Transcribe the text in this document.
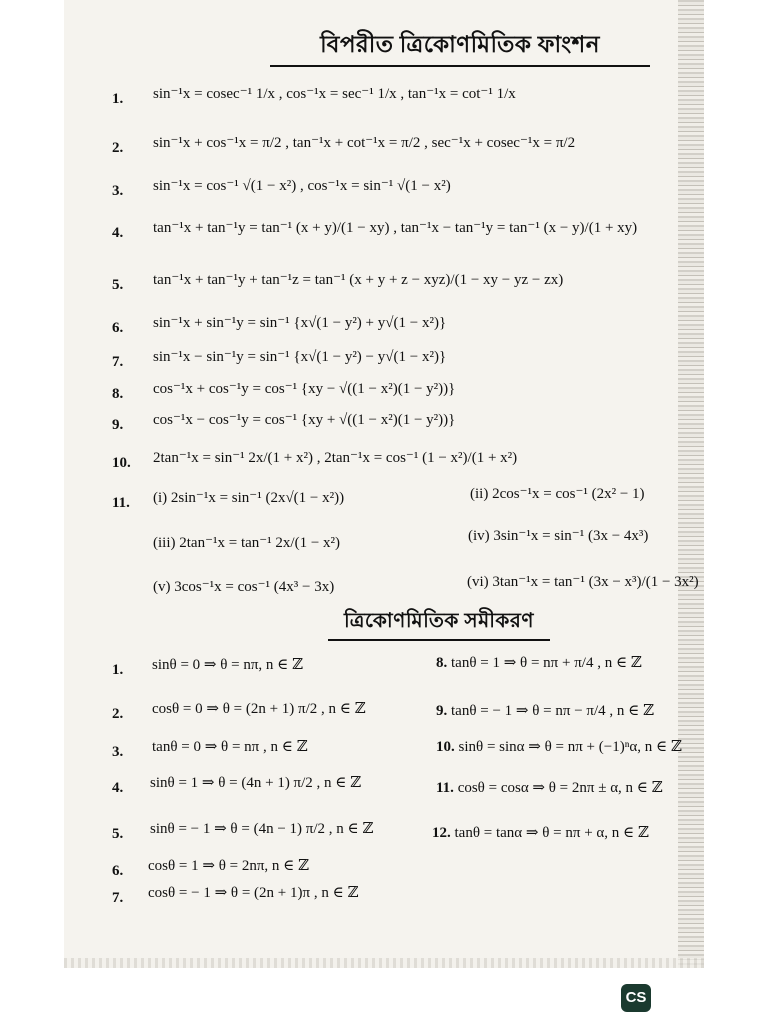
বিপরীত ত্রিকোণমিতিক ফাংশন
1. sin⁻¹x = cosec⁻¹ 1/x , cos⁻¹x = sec⁻¹ 1/x , tan⁻¹x = cot⁻¹ 1/x
2. sin⁻¹x + cos⁻¹x = π/2 , tan⁻¹x + cot⁻¹x = π/2 , sec⁻¹x + cosec⁻¹x = π/2
3. sin⁻¹x = cos⁻¹ √(1 − x²) , cos⁻¹x = sin⁻¹ √(1 − x²)
4. tan⁻¹x + tan⁻¹y = tan⁻¹ (x + y)/(1 − xy) , tan⁻¹x − tan⁻¹y = tan⁻¹ (x − y)/(1 + xy)
5. tan⁻¹x + tan⁻¹y + tan⁻¹z = tan⁻¹ (x + y + z − xyz)/(1 − xy − yz − zx)
6. sin⁻¹x + sin⁻¹y = sin⁻¹ {x√(1 − y²) + y√(1 − x²)}
7. sin⁻¹x − sin⁻¹y = sin⁻¹ {x√(1 − y²) − y√(1 − x²)}
8. cos⁻¹x + cos⁻¹y = cos⁻¹ {xy − √((1 − x²)(1 − y²))}
9. cos⁻¹x − cos⁻¹y = cos⁻¹ {xy + √((1 − x²)(1 − y²))}
10. 2tan⁻¹x = sin⁻¹ 2x/(1 + x²) , 2tan⁻¹x = cos⁻¹ (1 − x²)/(1 + x²)
11. (i) 2sin⁻¹x = sin⁻¹ (2x√(1 − x²))	(ii) 2cos⁻¹x = cos⁻¹ (2x² − 1)
(iii) 2tan⁻¹x = tan⁻¹ 2x/(1 − x²)	(iv) 3sin⁻¹x = sin⁻¹ (3x − 4x³)
(v) 3cos⁻¹x = cos⁻¹ (4x³ − 3x)	(vi) 3tan⁻¹x = tan⁻¹ (3x − x³)/(1 − 3x²)
ত্রিকোণমিতিক সমীকরণ
1. sinθ = 0 ⇒ θ = nπ, n ∈ ℤ
2. cosθ = 0 ⇒ θ = (2n + 1) π/2 , n ∈ ℤ
3. tanθ = 0 ⇒ θ = nπ , n ∈ ℤ
4. sinθ = 1 ⇒ θ = (4n + 1) π/2 , n ∈ ℤ
5. sinθ = − 1 ⇒ θ = (4n − 1) π/2 , n ∈ ℤ
6. cosθ = 1 ⇒ θ = 2nπ, n ∈ ℤ
7. cosθ = − 1 ⇒ θ = (2n + 1)π , n ∈ ℤ
8. tanθ = 1 ⇒ θ = nπ + π/4 , n ∈ ℤ
9. tanθ = − 1 ⇒ θ = nπ − π/4 , n ∈ ℤ
10. sinθ = sinα ⇒ θ = nπ + (−1)ⁿα, n ∈ ℤ
11. cosθ = cosα ⇒ θ = 2nπ ± α, n ∈ ℤ
12. tanθ = tanα ⇒ θ = nπ + α, n ∈ ℤ
CS
